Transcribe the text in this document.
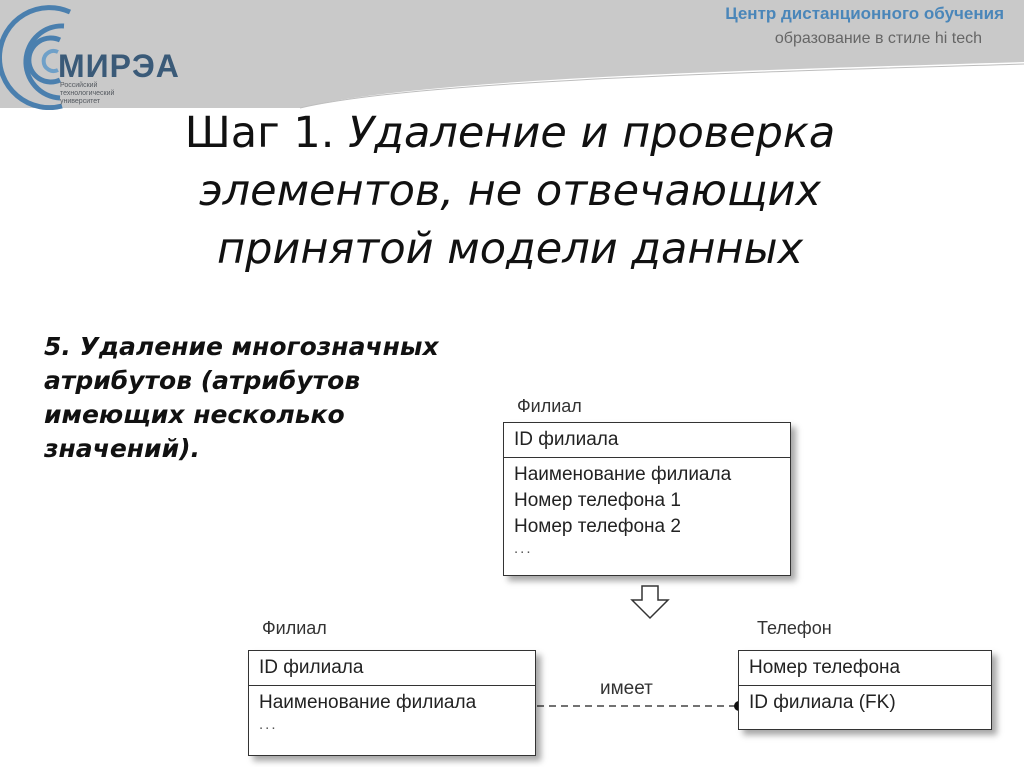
МИРЭА
Российский технологический университет
Центр дистанционного обучения
образование в стиле hi tech
Шаг 1. Удаление и проверка элементов, не отвечающих принятой модели данных
5. Удаление многозначных атрибутов (атрибутов имеющих несколько значений).
Филиал
ID филиала
Наименование филиала
Номер телефона 1
Номер телефона 2
...
имеет
Филиал
ID филиала
Наименование филиала
...
Телефон
Номер телефона
ID филиала (FK)
